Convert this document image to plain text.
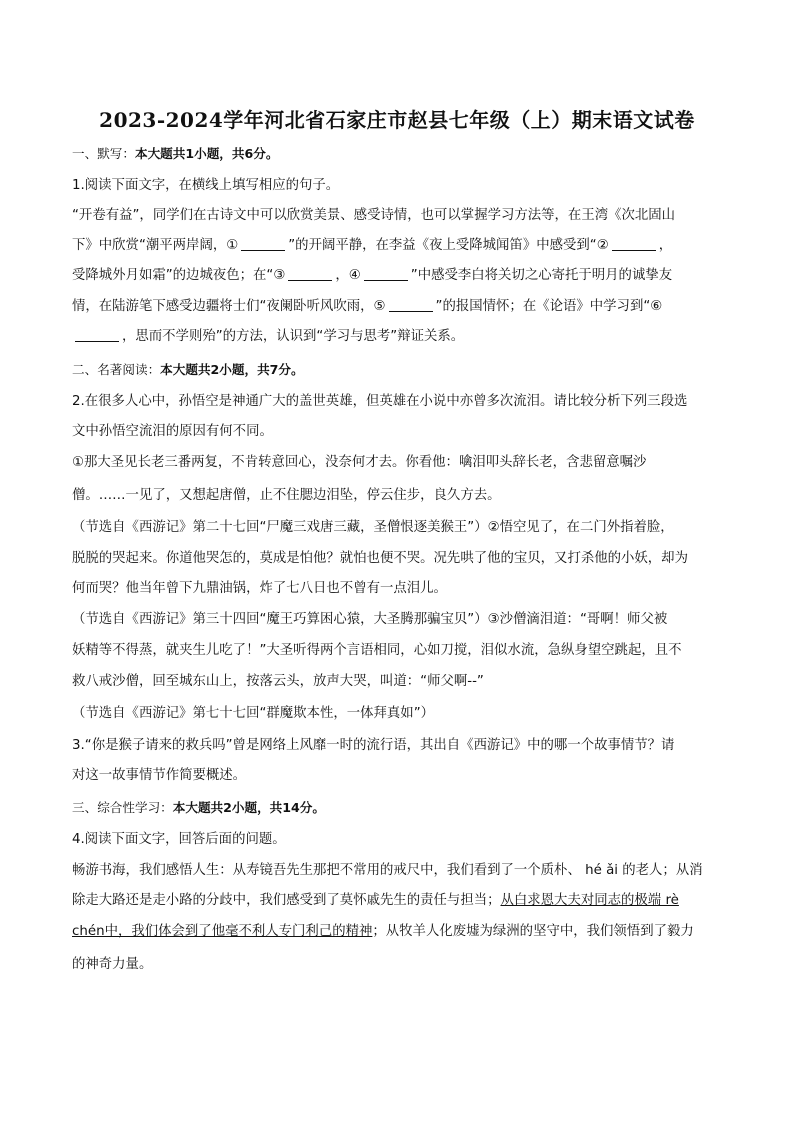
2023-2024学年河北省石家庄市赵县七年级（上）期末语文试卷
一、默写：本大题共1小题，共6分。
1.阅读下面文字，在横线上填写相应的句子。
“开卷有益”，同学们在古诗文中可以欣赏美景、感受诗情，也可以掌握学习方法等，在王湾《次北固山
下》中欣赏“潮平两岸阔，①	”的开阔平静，在李益《夜上受降城闻笛》中感受到“②	，
受降城外月如霜”的边城夜色；在“③	，④	”中感受李白将关切之心寄托于明月的诚挚友
情，在陆游笔下感受边疆将士们“夜阑卧听风吹雨，⑤	”的报国情怀；在《论语》中学习到“⑥
，思而不学则殆”的方法，认识到“学习与思考”辩证关系。
二、名著阅读：本大题共2小题，共7分。
2.在很多人心中，孙悟空是神通广大的盖世英雄，但英雄在小说中亦曾多次流泪。请比较分析下列三段选
文中孙悟空流泪的原因有何不同。
①那大圣见长老三番两复，不肯转意回心，没奈何才去。你看他：噙泪叩头辞长老，含悲留意嘱沙
僧。……一见了，又想起唐僧，止不住腮边泪坠，停云住步，良久方去。
（节选自《西游记》第二十七回“尸魔三戏唐三藏，圣僧恨逐美猴王”）②悟空见了，在二门外指着脸，
脱脱的哭起来。你道他哭怎的，莫成是怕他？就怕也便不哭。况先哄了他的宝贝，又打杀他的小妖，却为
何而哭？他当年曾下九鼎油锅，炸了七八日也不曾有一点泪儿。
（节选自《西游记》第三十四回“魔王巧算困心猿，大圣腾那骗宝贝”）③沙僧滴泪道：“哥啊！师父被
妖精等不得蒸，就夹生儿吃了！”大圣听得两个言语相同，心如刀搅，泪似水流，急纵身望空跳起，且不
救八戒沙僧，回至城东山上，按落云头，放声大哭，叫道：“师父啊--”
（节选自《西游记》第七十七回“群魔欺本性，一体拜真如”）
3.“你是猴子请来的救兵吗”曾是网络上风靡一时的流行语，其出自《西游记》中的哪一个故事情节？请
对这一故事情节作简要概述。
三、综合性学习：本大题共2小题，共14分。
4.阅读下面文字，回答后面的问题。
畅游书海，我们感悟人生：从寿镜吾先生那把不常用的戒尺中，我们看到了一个质朴、 hé ǎi 的老人；从消
除走大路还是走小路的分歧中，我们感受到了莫怀戚先生的责任与担当；从白求恩大夫对同志的极端 rè
chén中，我们体会到了他毫不利人专门利己的精神；从牧羊人化废墟为绿洲的坚守中，我们领悟到了毅力
的神奇力量。
